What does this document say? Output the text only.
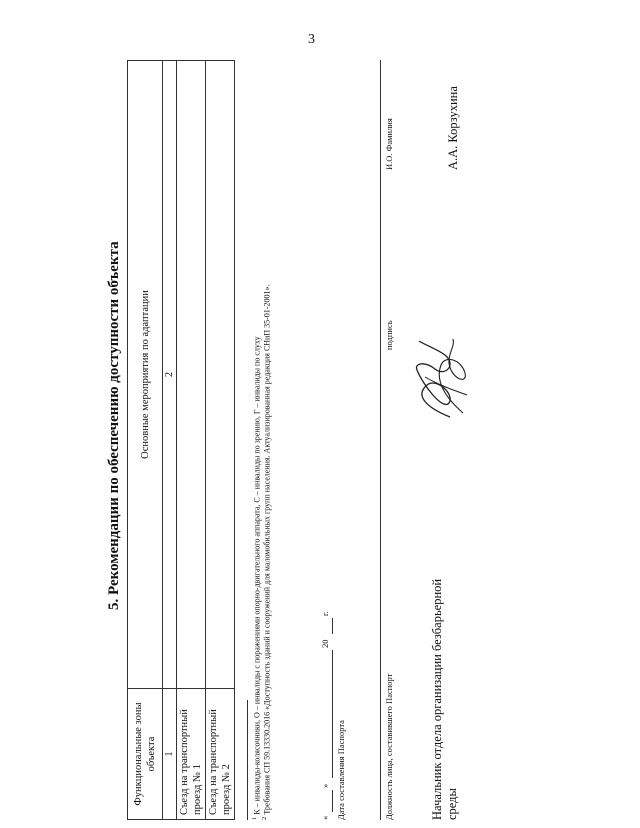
3
5. Рекомендации по обеспечению доступности объекта
Функциональные зоны объекта	Основные мероприятия по адаптации
1	2
Съезд на транспортный проезд № 1	
Съезд на транспортный проезд № 2	
$^1$ К – инвалиды-колясочники, О – инвалиды с поражениями опорно-двигательного аппарата, С – инвалиды по зрению, Г – инвалиды по слуху
$^2$ Требования СП 59.13330.2016 «Доступность зданий и сооружений для маломобильных групп населения. Актуализированная редакция СНиП 35-01-2001».
«
»
20
г.
Дата составления Паспорта	Должность лица, составившего Паспорт
подпись
И.О. Фамилия
Начальник отдела организации безбарьерной среды
А.А. Корзухина
